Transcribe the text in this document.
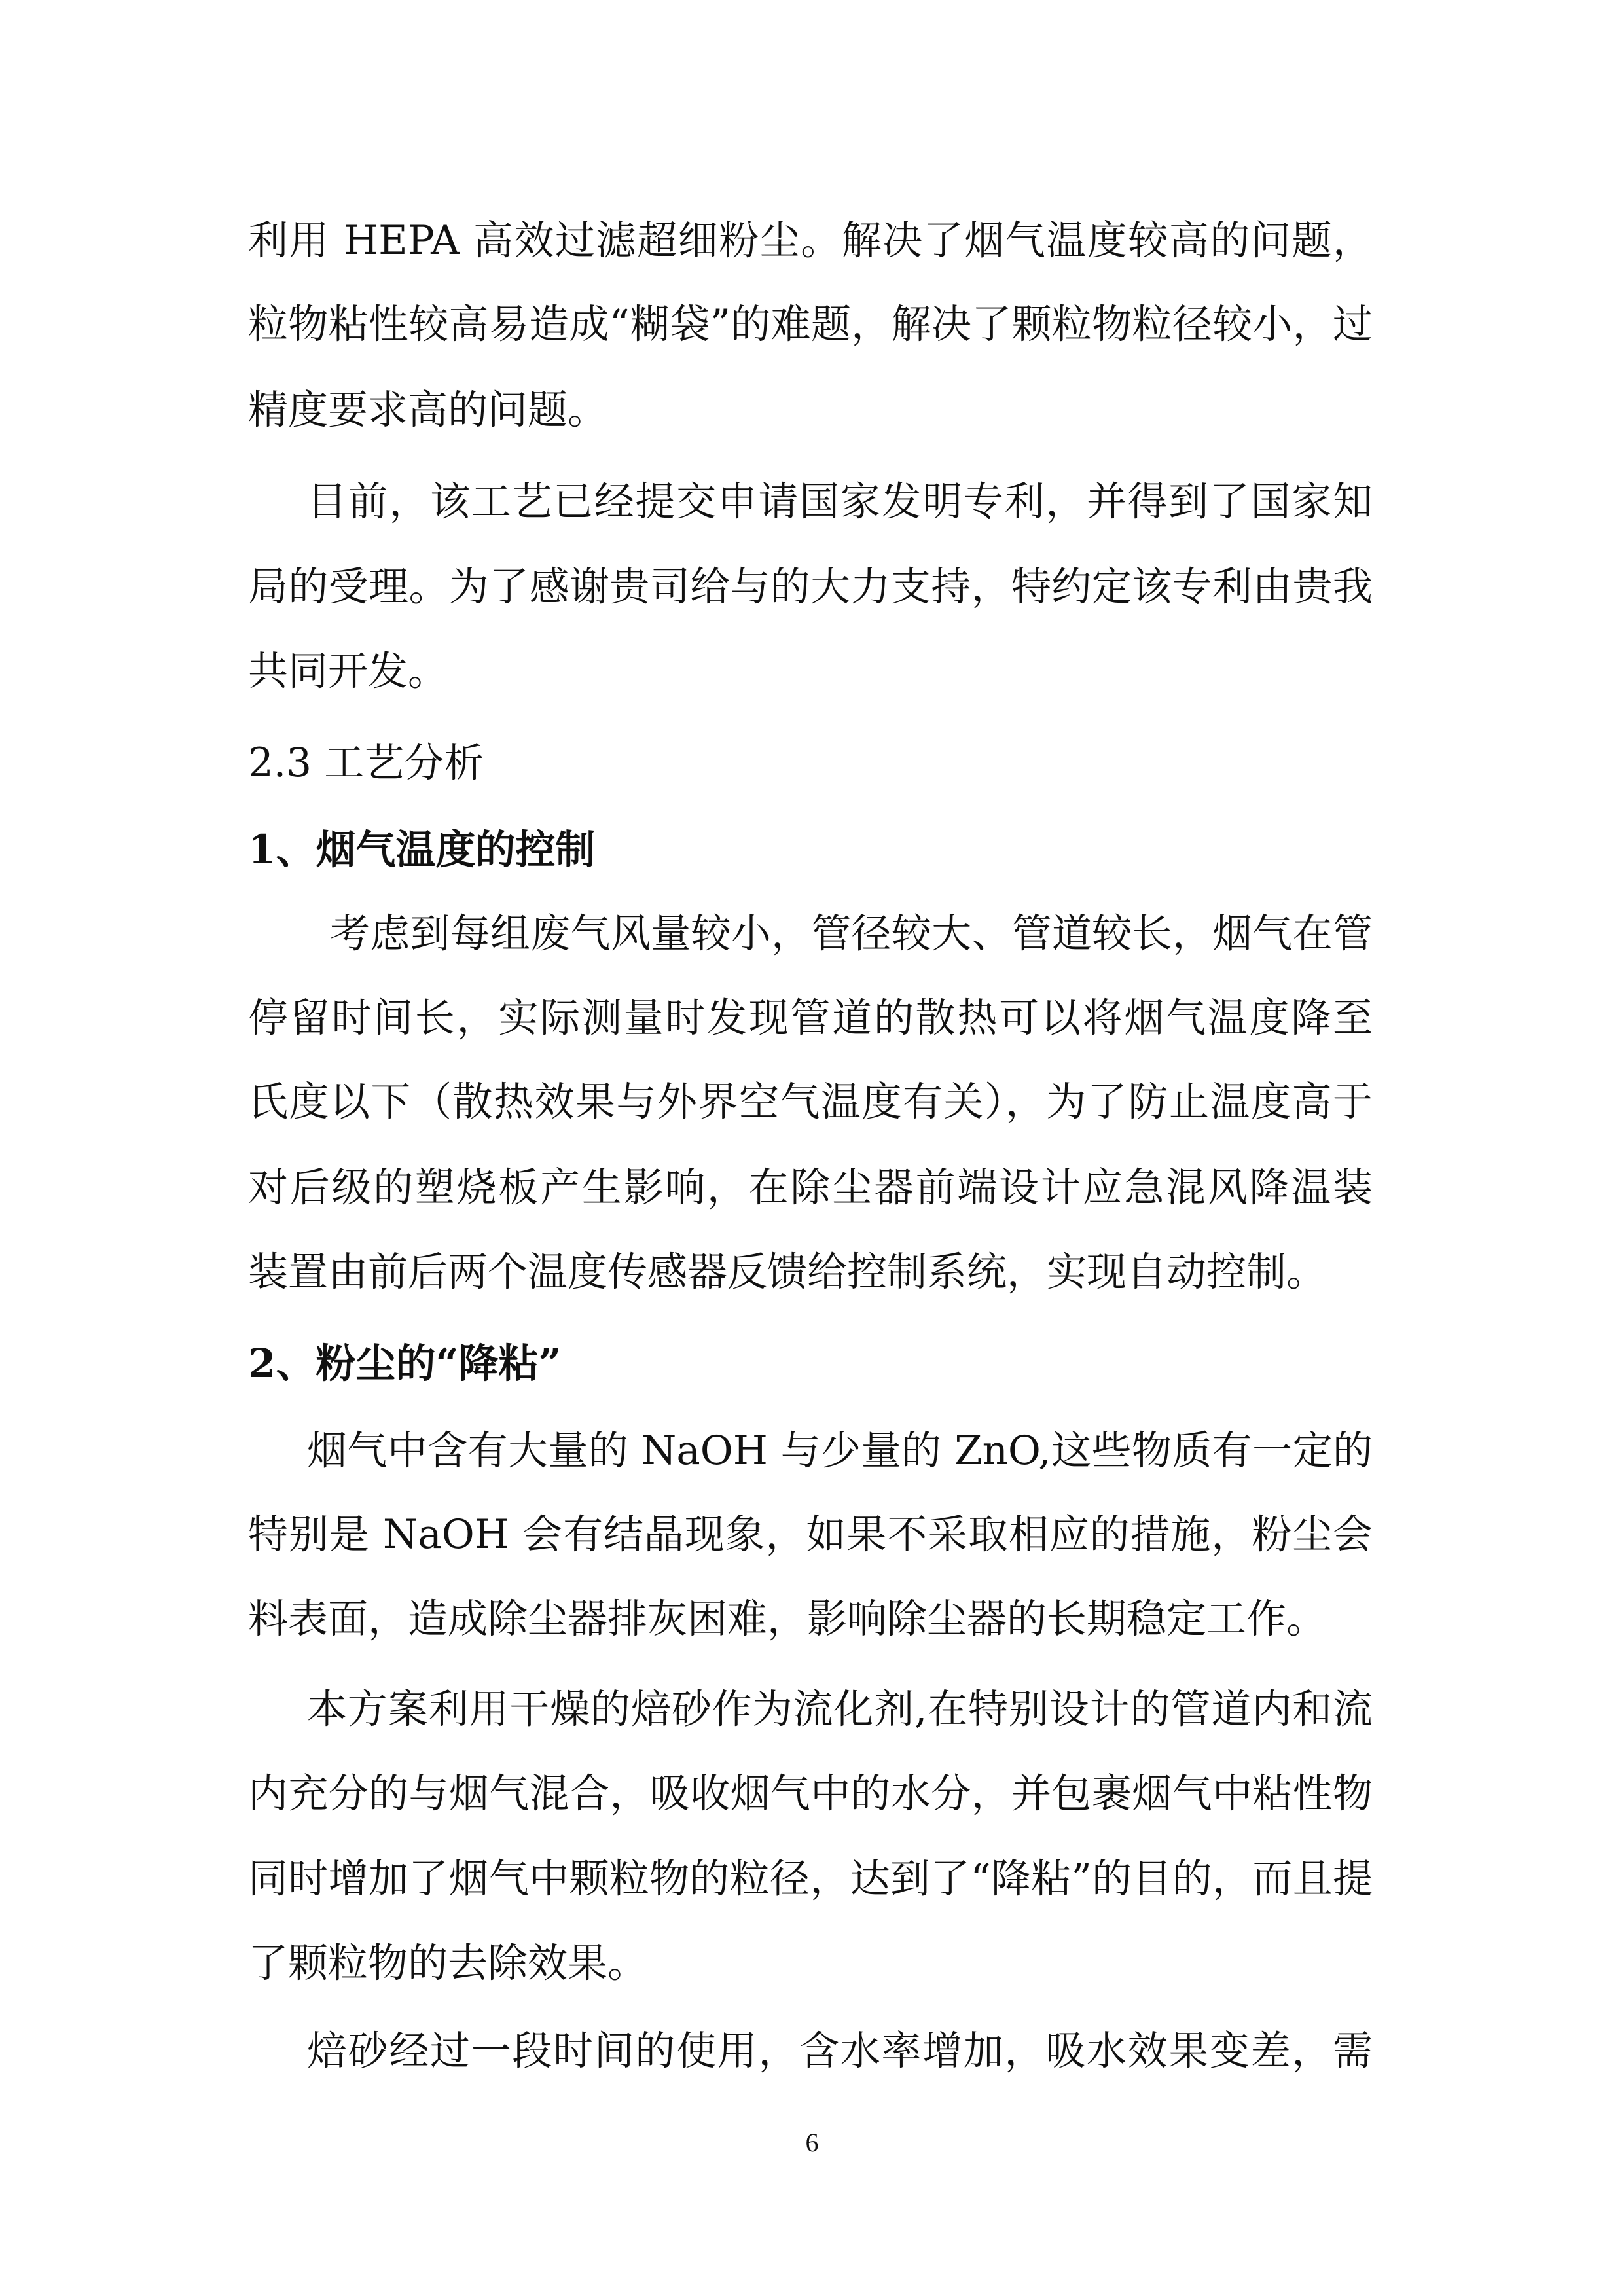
利用 HEPA 高效过滤超细粉尘。解决了烟气温度较高的问题，
粒物粘性较高易造成“糊袋”的难题，解决了颗粒物粒径较小，过
精度要求高的问题。
目前，该工艺已经提交申请国家发明专利，并得到了国家知
局的受理。为了感谢贵司给与的大力支持，特约定该专利由贵我
共同开发。
2.3 工艺分析
1、烟气温度的控制
考虑到每组废气风量较小，管径较大、管道较长，烟气在管
停留时间长，实际测量时发现管道的散热可以将烟气温度降至
氏度以下（散热效果与外界空气温度有关），为了防止温度高于
对后级的塑烧板产生影响，在除尘器前端设计应急混风降温装
装置由前后两个温度传感器反馈给控制系统，实现自动控制。
2、粉尘的“降粘”
烟气中含有大量的 NaOH 与少量的 ZnO,这些物质有一定的
特别是 NaOH 会有结晶现象，如果不采取相应的措施，粉尘会
料表面，造成除尘器排灰困难，影响除尘器的长期稳定工作。
本方案利用干燥的焙砂作为流化剂,在特别设计的管道内和流
内充分的与烟气混合，吸收烟气中的水分，并包裹烟气中粘性物
同时增加了烟气中颗粒物的粒径，达到了“降粘”的目的，而且提
了颗粒物的去除效果。
焙砂经过一段时间的使用，含水率增加，吸水效果变差，需
6
